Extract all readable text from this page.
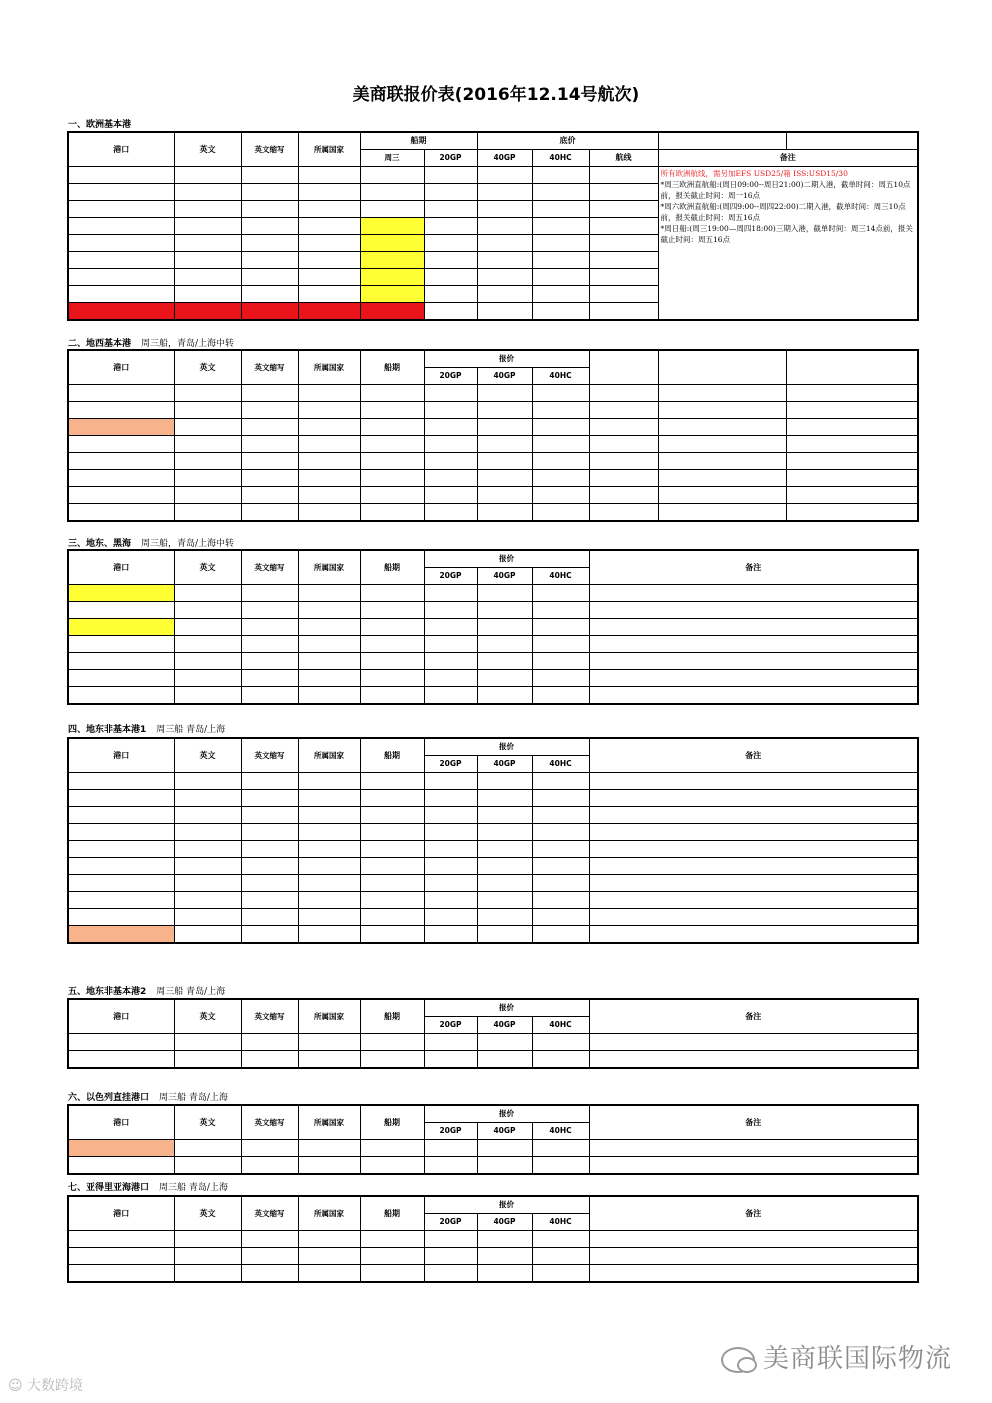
美商联报价表(2016年12.14号航次)
一、欧洲基本港
港口	英文	英文缩写	所属国家	船期		底价				
				周三	20GP	40GP	40HC	航线	备注	

									所有欧洲航线，需另加EFS USD25/箱 ISS:USD15/30
*周三欧洲直航船:(周日09:00--周日21:00)二期入港，截单时间：周五10点前，报关截止时间：周一16点
*周六欧洲直航船:(周四9:00--周四22:00)二期入港，截单时间：周三10点前，报关截止时间：周五16点
*周日船:(周三19:00—周四18:00)三期入港，截单时间：周三14点前，报关截止时间：周五16点	

二、地西基本港 周三船，青岛/上海中转
港口	英文	英文缩写	所属国家	船期	报价					
					20GP	40GP	40HC			

三、地东、黑海 周三船，青岛/上海中转
港口	英文	英文缩写	所属国家	船期	报价			备注
					20GP	40GP	40HC	

四、地东非基本港1 周三船 青岛/上海
港口	英文	英文缩写	所属国家	船期	报价			备注
					20GP	40GP	40HC	

五、地东非基本港2 周三船 青岛/上海
港口	英文	英文缩写	所属国家	船期	报价			备注
					20GP	40GP	40HC	

六、以色列直挂港口 周三船 青岛/上海
港口	英文	英文缩写	所属国家	船期	报价			备注
					20GP	40GP	40HC	

七、亚得里亚海港口 周三船 青岛/上海
港口	英文	英文缩写	所属国家	船期	报价			备注
					20GP	40GP	40HC	

美商联国际物流
☺ 大数跨境
